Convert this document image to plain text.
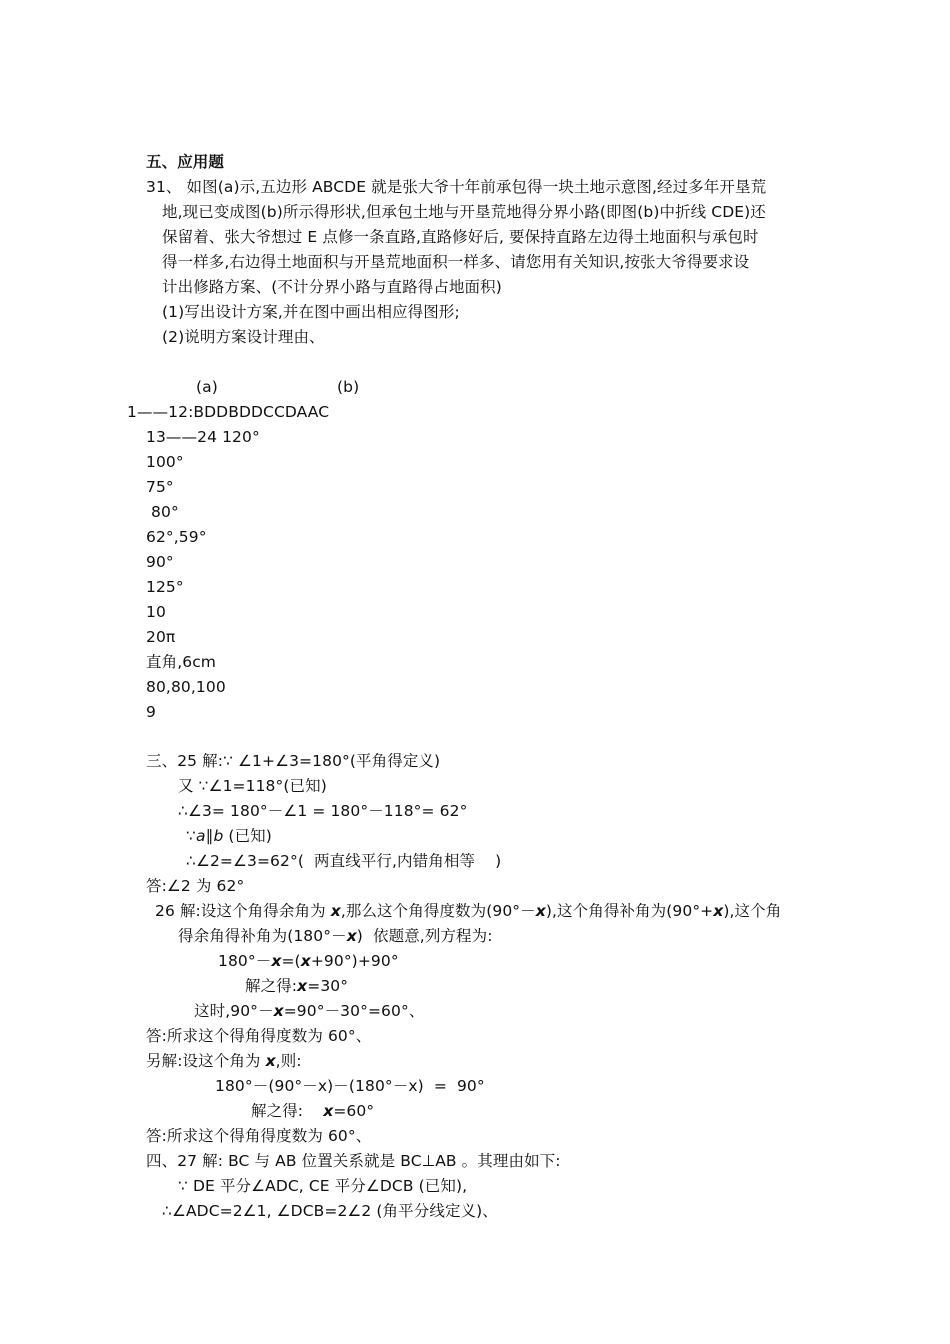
五、应用题
31、 如图(a)示,五边形 ABCDE 就是张大爷十年前承包得一块土地示意图,经过多年开垦荒
地,现已变成图(b)所示得形状,但承包土地与开垦荒地得分界小路(即图(b)中折线 CDE)还
保留着、张大爷想过 E 点修一条直路,直路修好后, 要保持直路左边得土地面积与承包时
得一样多,右边得土地面积与开垦荒地面积一样多、请您用有关知识,按张大爷得要求设
计出修路方案、(不计分界小路与直路得占地面积)
(1)写出设计方案,并在图中画出相应得图形;
(2)说明方案设计理由、
(a)	(b)
1——12:BDDBDDCCDAAC
13——24 120°
100°
75°
80°
62°,59°
90°
125°
10
20π
直角,6cm
80,80,100
9
三、25 解:∵ ∠1+∠3=180°(平角得定义)
又 ∵∠1=118°(已知)
∴∠3= 180°－∠1 = 180°－118°= 62°
∵a∥b (已知)
∴∠2=∠3=62°(  两直线平行,内错角相等    )
答:∠2 为 62°
26 解:设这个角得余角为 x,那么这个角得度数为(90°－x),这个角得补角为(90°+x),这个角
得余角得补角为(180°－x)  依题意,列方程为:
180°－x=(x+90°)+90°
解之得:x=30°
这时,90°－x=90°－30°=60°、
答:所求这个得角得度数为 60°、
另解:设这个角为 x,则:
180°－(90°－x)－(180°－x)  =  90°
解之得:    x=60°
答:所求这个得角得度数为 60°、
四、27 解: BC 与 AB 位置关系就是 BC⊥AB 。其理由如下:
∵ DE 平分∠ADC, CE 平分∠DCB (已知),
∴∠ADC=2∠1, ∠DCB=2∠2 (角平分线定义)、
